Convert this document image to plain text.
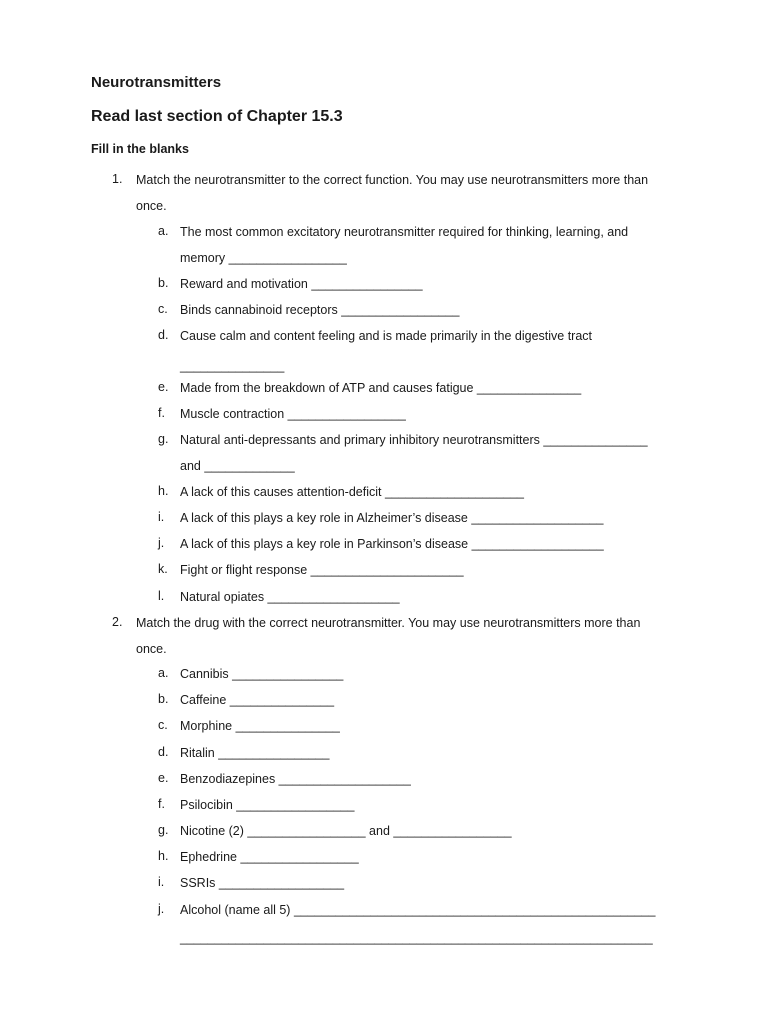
Neurotransmitters
Read last section of Chapter 15.3
Fill in the blanks
1.	Match the neurotransmitter to the correct function. You may use neurotransmitters more than
once.
a. The most common excitatory neurotransmitter required for thinking, learning, and
memory _________________
b. Reward and motivation ________________
c. Binds cannabinoid receptors _________________
d. Cause calm and content feeling and is made primarily in the digestive tract
_______________
e. Made from the breakdown of ATP and causes fatigue _______________
f.	Muscle contraction _________________
g. Natural anti-depressants and primary inhibitory neurotransmitters _______________
and _____________
h. A lack of this causes attention-deficit ____________________
i.	A lack of this plays a key role in Alzheimer’s disease ___________________
j.	A lack of this plays a key role in Parkinson’s disease ___________________
k. Fight or flight response ______________________
l.	Natural opiates ___________________
2.	Match the drug with the correct neurotransmitter. You may use neurotransmitters more than
once.
a. Cannibis ________________
b. Caffeine _______________
c. Morphine _______________
d. Ritalin ________________
e. Benzodiazepines ___________________
f.	Psilocibin _________________
g. Nicotine (2) _________________ and _________________
h. Ephedrine _________________
i.	SSRIs __________________
j.	Alcohol (name all 5) ____________________________________________________
____________________________________________________________________
